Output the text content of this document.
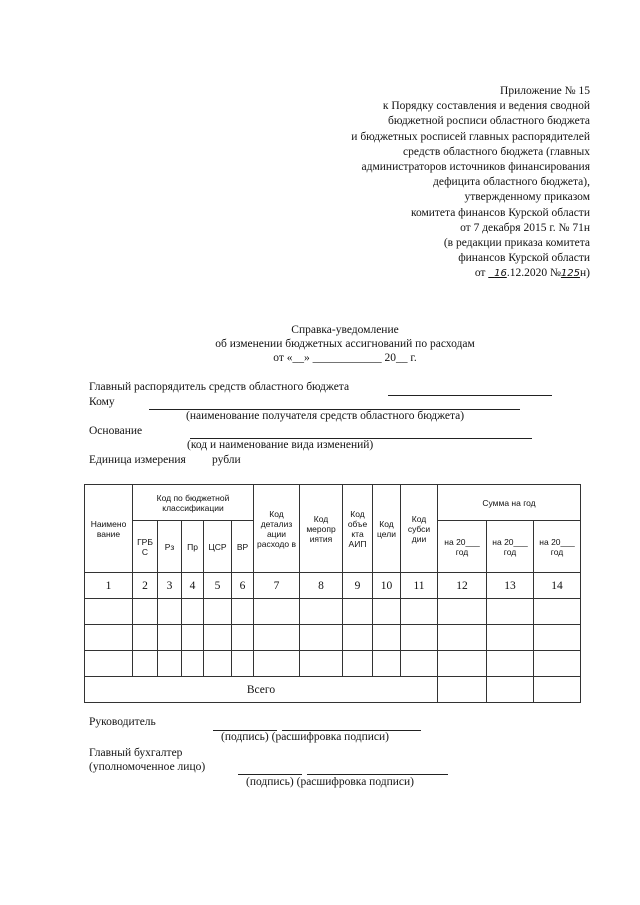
Приложение № 15
к Порядку составления и ведения сводной
бюджетной росписи областного бюджета
и бюджетных росписей главных распорядителей
средств областного бюджета (главных
администраторов источников финансирования
дефицита областного бюджета),
утвержденному приказом
комитета финансов Курской области
от 7 декабря 2015 г. № 71н
(в редакции приказа комитета
финансов Курской области
от _16.12.2020 №125н)
Справка-уведомление
об изменении бюджетных ассигнований по расходам
от «__» ____________ 20__ г.
Главный распорядитель средств областного бюджета
Кому
(наименование получателя средств областного бюджета)
Основание
(код и наименование вида изменений)
Единица измерения рубли
Наимено вание	Код по бюджетной классификации					Код детализ ации расходо в	Код меропр иятия	Код объе кта АИП	Код цели	Код субси дии	Сумма на год		
	ГРБ С	Рз	Пр	ЦСР	ВР						на 20___ год	на 20___ год	на 20___ год
1	2	3	4	5	6	7	8	9	10	11	12	13	14

Всего													
Руководитель
(подпись) (расшифровка подписи)
Главный бухгалтер
(уполномоченное лицо)
(подпись) (расшифровка подписи)
